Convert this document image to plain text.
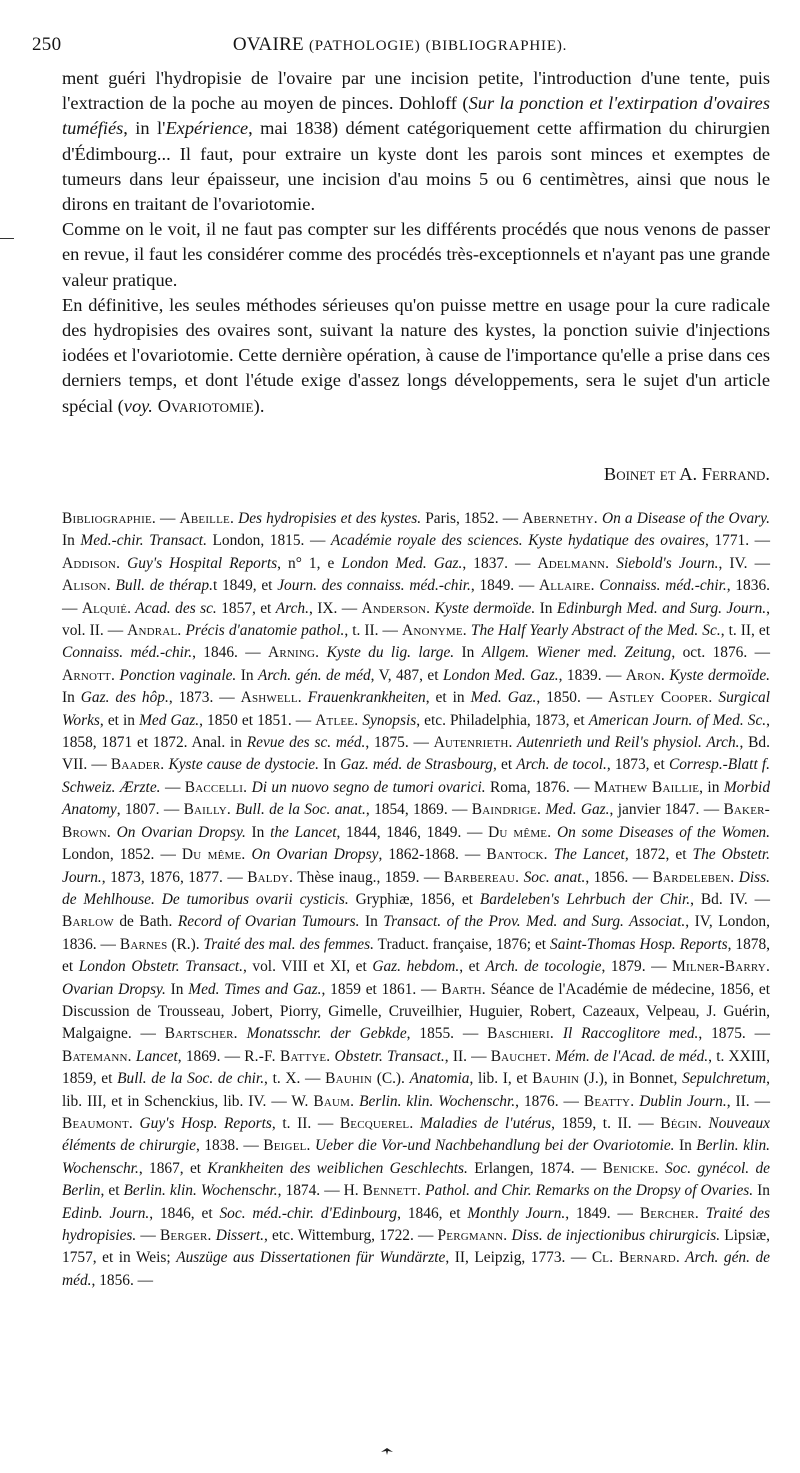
250	OVAIRE (PATHOLOGIE) (BIBLIOGRAPHIE).

ment guéri l'hydropisie de l'ovaire par une incision petite, l'introduction d'une tente, puis l'extraction de la poche au moyen de pinces. Dohloff (Sur la ponction et l'extirpation d'ovaires tuméfiés, in l'Expérience, mai 1838) dément catégoriquement cette affirmation du chirurgien d'Édimbourg... Il faut, pour extraire un kyste dont les parois sont minces et exemptes de tumeurs dans leur épaisseur, une incision d'au moins 5 ou 6 centimètres, ainsi que nous le dirons en traitant de l'ovariotomie.

Comme on le voit, il ne faut pas compter sur les différents procédés que nous venons de passer en revue, il faut les considérer comme des procédés très-exceptionnels et n'ayant pas une grande valeur pratique.

En définitive, les seules méthodes sérieuses qu'on puisse mettre en usage pour la cure radicale des hydropisies des ovaires sont, suivant la nature des kystes, la ponction suivie d'injections iodées et l'ovariotomie. Cette dernière opération, à cause de l'importance qu'elle a prise dans ces derniers temps, et dont l'étude exige d'assez longs développements, sera le sujet d'un article spécial (voy. Ovariotomie).

Boinet et A. Ferrand.

Bibliographie. — Abeille. Des hydropisies et des kystes. Paris, 1852. — Abernethy. On a Disease of the Ovary. In Med.-chir. Transact. London, 1815. — Académie royale des sciences. Kyste hydatique des ovaires, 1771. — Addison. Guy's Hospital Reports, n° 1, e London Med. Gaz., 1837. — Adelmann. Siebold's Journ., IV. — Alison. Bull. de thérap.t 1849, et Journ. des connaiss. méd.-chir., 1849. — Allaire. Connaiss. méd.-chir., 1836. — Alquié. Acad. des sc. 1857, et Arch., IX. — Anderson. Kyste dermoïde. In Edinburgh Med. and Surg. Journ., vol. II. — Andral. Précis d'anatomie pathol., t. II. — Anonyme. The Half Yearly Abstract of the Med. Sc., t. II, et Connaiss. méd.-chir., 1846. — Arning. Kyste du lig. large. In Allgem. Wiener med. Zeitung, oct. 1876. — Arnott. Ponction vaginale. In Arch. gén. de méd, V, 487, et London Med. Gaz., 1839. — Aron. Kyste dermoïde. In Gaz. des hôp., 1873. — Ashwell. Frauenkrankheiten, et in Med. Gaz., 1850. — Astley Cooper. Surgical Works, et in Med Gaz., 1850 et 1851. — Atlee. Synopsis, etc. Philadelphia, 1873, et American Journ. of Med. Sc., 1858, 1871 et 1872. Anal. in Revue des sc. méd., 1875. — Autenrieth. Autenrieth und Reil's physiol. Arch., Bd. VII. — Baader. Kyste cause de dystocie. In Gaz. méd. de Strasbourg, et Arch. de tocol., 1873, et Corresp.-Blatt f. Schweiz. Ærzte. — Baccelli. Di un nuovo segno de tumori ovarici. Roma, 1876. — Mathew Baillie, in Morbid Anatomy, 1807. — Bailly. Bull. de la Soc. anat., 1854, 1869. — Baindrige. Med. Gaz., janvier 1847. — Baker-Brown. On Ovarian Dropsy. In the Lancet, 1844, 1846, 1849. — Du même. On some Diseases of the Women. London, 1852. — Du même. On Ovarian Dropsy, 1862-1868. — Bantock. The Lancet, 1872, et The Obstetr. Journ., 1873, 1876, 1877. — Baldy. Thèse inaug., 1859. — Barbereau. Soc. anat., 1856. — Bardeleben. Diss. de Mehlhouse. De tumoribus ovarii cysticis. Gryphiæ, 1856, et Bardeleben's Lehrbuch der Chir., Bd. IV. — Barlow de Bath. Record of Ovarian Tumours. In Transact. of the Prov. Med. and Surg. Associat., IV, London, 1836. — Barnes (R.). Traité des mal. des femmes. Traduct. française, 1876; et Saint-Thomas Hosp. Reports, 1878, et London Obstetr. Transact., vol. VIII et XI, et Gaz. hebdom., et Arch. de tocologie, 1879. — Milner-Barry. Ovarian Dropsy. In Med. Times and Gaz., 1859 et 1861. — Barth. Séance de l'Académie de médecine, 1856, et Discussion de Trousseau, Jobert, Piorry, Gimelle, Cruveilhier, Huguier, Robert, Cazeaux, Velpeau, J. Guérin, Malgaigne. — Bartscher. Monatsschr. der Gebkde, 1855. — Baschieri. Il Raccoglitore med., 1875. — Batemann. Lancet, 1869. — R.-F. Battye. Obstetr. Transact., II. — Bauchet. Mém. de l'Acad. de méd., t. XXIII, 1859, et Bull. de la Soc. de chir., t. X. — Bauhin (C.). Anatomia, lib. I, et Bauhin (J.), in Bonnet, Sepulchretum, lib. III, et in Schenckius, lib. IV. — W. Baum. Berlin. klin. Wochenschr., 1876. — Beatty. Dublin Journ., II. — Beaumont. Guy's Hosp. Reports, t. II. — Becquerel. Maladies de l'utérus, 1859, t. II. — Bégin. Nouveaux éléments de chirurgie, 1838. — Beigel. Ueber die Vor-und Nachbehandlung bei der Ovariotomie. In Berlin. klin. Wochenschr., 1867, et Krankheiten des weiblichen Geschlechts. Erlangen, 1874. — Benicke. Soc. gynécol. de Berlin, et Berlin. klin. Wochenschr., 1874. — H. Bennett. Pathol. and Chir. Remarks on the Dropsy of Ovaries. In Edinb. Journ., 1846, et Soc. méd.-chir. d'Edinbourg, 1846, et Monthly Journ., 1849. — Bercher. Traité des hydropisies. — Berger. Dissert., etc. Wittemburg, 1722. — Pergmann. Diss. de injectionibus chirurgicis. Lipsiæ, 1757, et in Weis; Auszüge aus Dissertationen für Wundärzte, II, Leipzig, 1773. — Cl. Bernard. Arch. gén. de méd., 1856. —
